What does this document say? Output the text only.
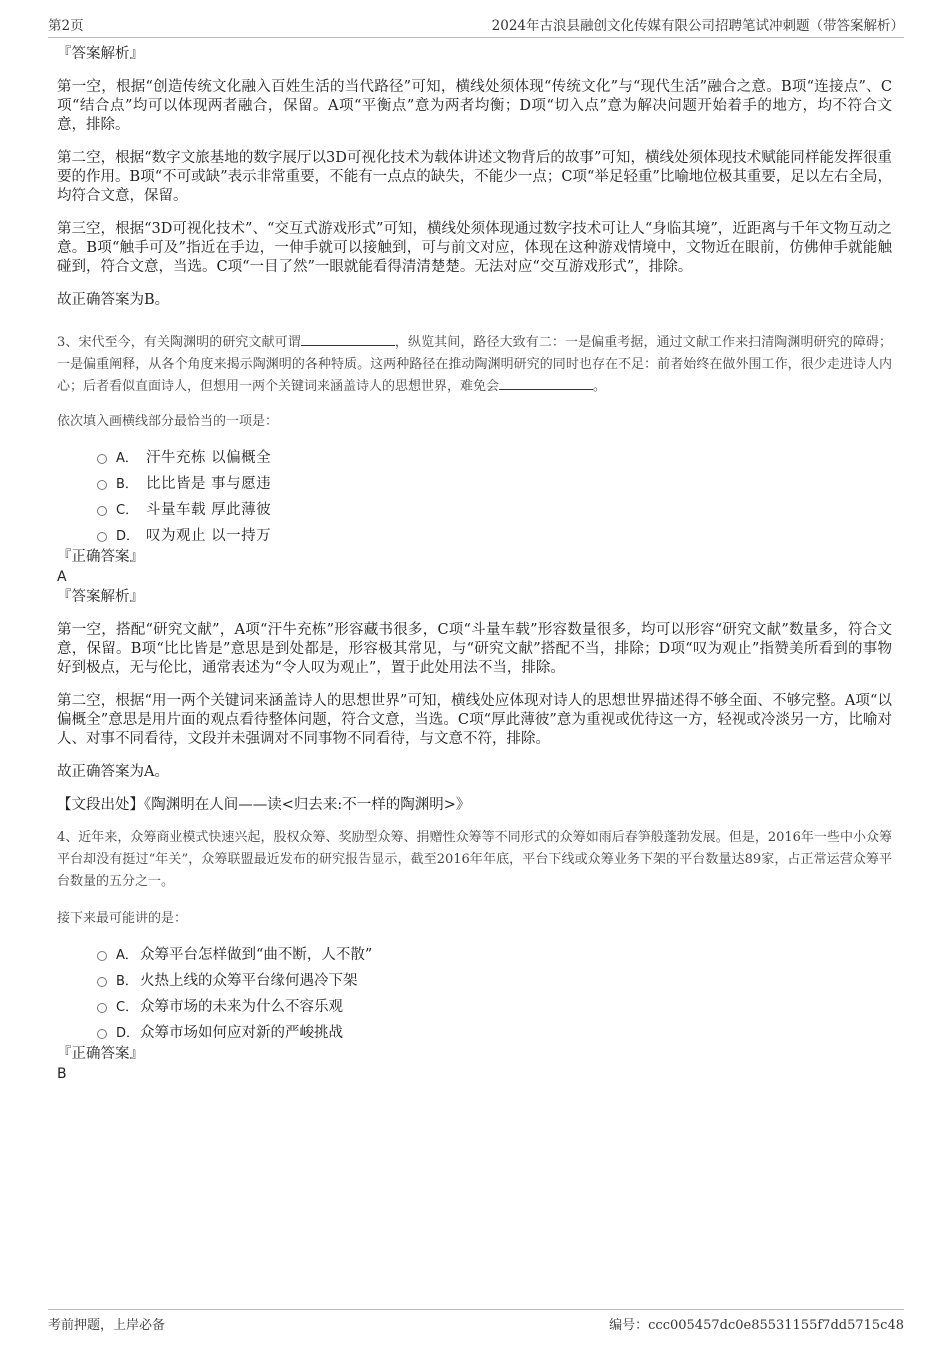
第2页	2024年古浪县融创文化传媒有限公司招聘笔试冲刺题（带答案解析）

『答案解析』

第一空，根据“创造传统文化融入百姓生活的当代路径”可知，横线处须体现“传统文化”与“现代生活”融合之意。B项“连接点”、C项“结合点”均可以体现两者融合，保留。A项“平衡点”意为两者均衡；D项“切入点”意为解决问题开始着手的地方，均不符合文意，排除。

第二空，根据“数字文旅基地的数字展厅以3D可视化技术为载体讲述文物背后的故事”可知，横线处须体现技术赋能同样能发挥很重要的作用。B项“不可或缺”表示非常重要，不能有一点点的缺失，不能少一点；C项“举足轻重”比喻地位极其重要，足以左右全局，均符合文意，保留。

第三空，根据“3D可视化技术”、“交互式游戏形式”可知，横线处须体现通过数字技术可让人“身临其境”，近距离与千年文物互动之意。B项“触手可及”指近在手边，一伸手就可以接触到，可与前文对应，体现在这种游戏情境中，文物近在眼前，仿佛伸手就能触碰到，符合文意，当选。C项“一目了然”一眼就能看得清清楚楚。无法对应“交互游戏形式”，排除。

故正确答案为B。

3、宋代至今，有关陶渊明的研究文献可谓	，纵览其间，路径大致有二：一是偏重考据，通过文献工作来扫清陶渊明研究的障碍；一是偏重阐释，从各个角度来揭示陶渊明的各种特质。这两种路径在推动陶渊明研究的同时也存在不足：前者始终在做外围工作，很少走进诗人内心；后者看似直面诗人，但想用一两个关键词来涵盖诗人的思想世界，难免会	。

依次填入画横线部分最恰当的一项是：

A． 汗牛充栋 以偏概全
B． 比比皆是 事与愿违
C． 斗量车载 厚此薄彼
D． 叹为观止 以一持万

『正确答案』

A

『答案解析』

第一空，搭配“研究文献”，A项“汗牛充栋”形容藏书很多，C项“斗量车载”形容数量很多，均可以形容“研究文献”数量多，符合文意，保留。B项“比比皆是”意思是到处都是，形容极其常见，与“研究文献”搭配不当，排除；D项“叹为观止”指赞美所看到的事物好到极点，无与伦比，通常表述为“令人叹为观止”，置于此处用法不当，排除。

第二空，根据“用一两个关键词来涵盖诗人的思想世界”可知，横线处应体现对诗人的思想世界描述得不够全面、不够完整。A项“以偏概全”意思是用片面的观点看待整体问题，符合文意，当选。C项“厚此薄彼”意为重视或优待这一方，轻视或冷淡另一方，比喻对人、对事不同看待，文段并未强调对不同事物不同看待，与文意不符，排除。

故正确答案为A。

【文段出处】《陶渊明在人间——读<归去来:不一样的陶渊明>》

4、近年来，众筹商业模式快速兴起，股权众筹、奖励型众筹、捐赠性众筹等不同形式的众筹如雨后春笋般蓬勃发展。但是，2016年一些中小众筹平台却没有挺过“年关”，众筹联盟最近发布的研究报告显示，截至2016年年底，平台下线或众筹业务下架的平台数量达89家，占正常运营众筹平台数量的五分之一。

接下来最可能讲的是：

A． 众筹平台怎样做到“曲不断，人不散”
B． 火热上线的众筹平台缘何遇冷下架
C． 众筹市场的未来为什么不容乐观
D． 众筹市场如何应对新的严峻挑战

『正确答案』

B

考前押题，上岸必备	编号：ccc005457dc0e85531155f7dd5715c48
